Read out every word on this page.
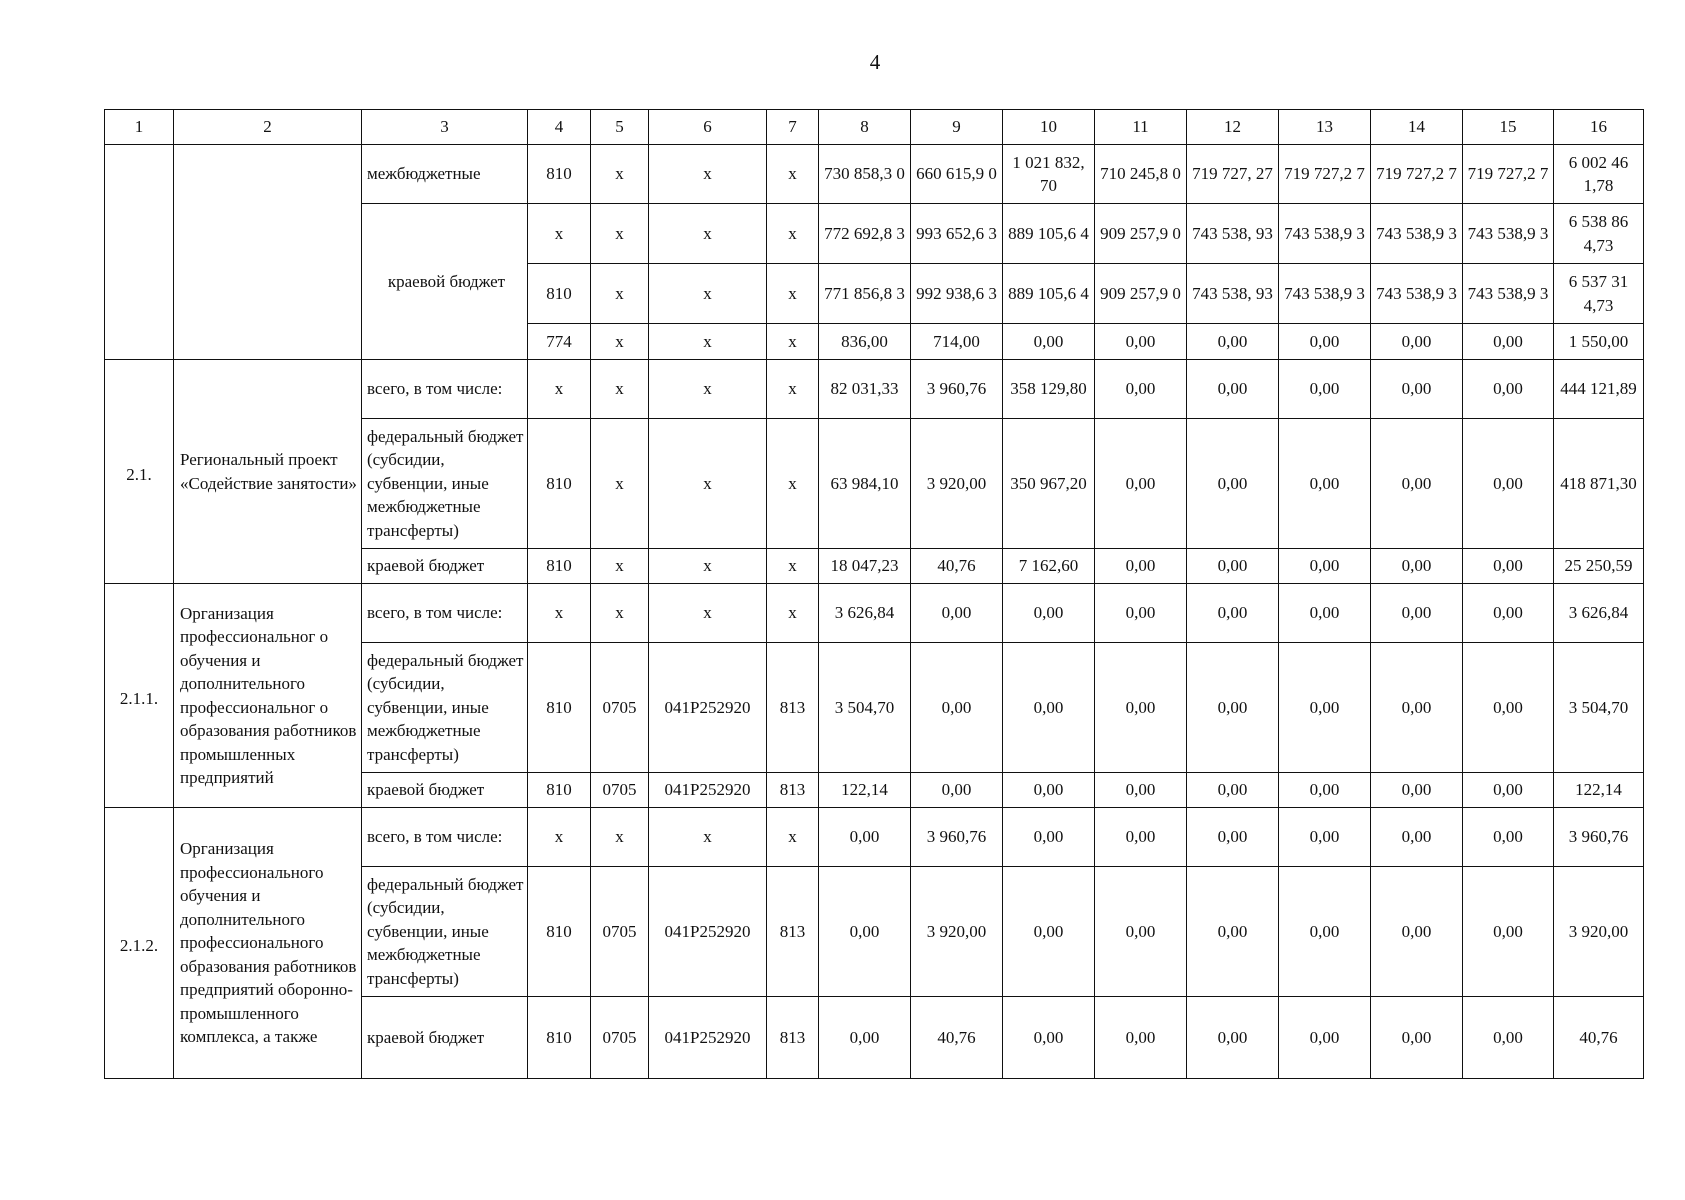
4
1	2	3	4	5	6	7	8	9	10	11	12	13	14	15	16
		межбюджетные	810	x	x	x	730 858,3 0	660 615,9 0	1 021 832, 70	710 245,8 0	719 727, 27	719 727,2 7	719 727,2 7	719 727,2 7	6 002 46 1,78
		краевой бюджет	x	x	x	x	772 692,8 3	993 652,6 3	889 105,6 4	909 257,9 0	743 538, 93	743 538,9 3	743 538,9 3	743 538,9 3	6 538 86 4,73
			810	x	x	x	771 856,8 3	992 938,6 3	889 105,6 4	909 257,9 0	743 538, 93	743 538,9 3	743 538,9 3	743 538,9 3	6 537 31 4,73
			774	x	x	x	836,00	714,00	0,00	0,00	0,00	0,00	0,00	0,00	1 550,00
2.1.	Региональный проект «Содействие занятости»	всего, в том числе:	x	x	x	x	82 031,33	3 960,76	358 129,80	0,00	0,00	0,00	0,00	0,00	444 121,89
		федеральный бюджет (субсидии, субвенции, иные межбюджетные трансферты)	810	x	x	x	63 984,10	3 920,00	350 967,20	0,00	0,00	0,00	0,00	0,00	418 871,30
		краевой бюджет	810	x	x	x	18 047,23	40,76	7 162,60	0,00	0,00	0,00	0,00	0,00	25 250,59
2.1.1.	Организация профессиональног о обучения и дополнительного профессиональног о образования работников промышленных предприятий	всего, в том числе:	x	x	x	x	3 626,84	0,00	0,00	0,00	0,00	0,00	0,00	0,00	3 626,84
		федеральный бюджет (субсидии, субвенции, иные межбюджетные трансферты)	810	0705	041P252920	813	3 504,70	0,00	0,00	0,00	0,00	0,00	0,00	0,00	3 504,70
		краевой бюджет	810	0705	041P252920	813	122,14	0,00	0,00	0,00	0,00	0,00	0,00	0,00	122,14
2.1.2.	Организация профессионального обучения и дополнительного профессионального образования работников предприятий оборонно-промышленного комплекса, а также	всего, в том числе:	x	x	x	x	0,00	3 960,76	0,00	0,00	0,00	0,00	0,00	0,00	3 960,76
		федеральный бюджет (субсидии, субвенции, иные межбюджетные трансферты)	810	0705	041P252920	813	0,00	3 920,00	0,00	0,00	0,00	0,00	0,00	0,00	3 920,00
		краевой бюджет	810	0705	041P252920	813	0,00	40,76	0,00	0,00	0,00	0,00	0,00	0,00	40,76
